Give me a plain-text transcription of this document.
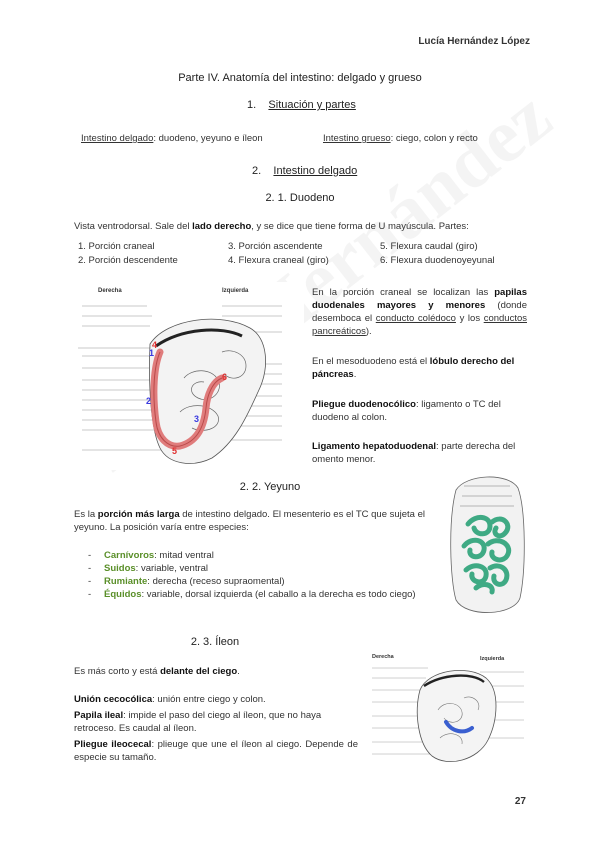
Lucía Hernández López
Parte IV. Anatomía del intestino: delgado y grueso
1. Situación y partes
Intestino delgado: duodeno, yeyuno e íleon	Intestino grueso: ciego, colon y recto
2. Intestino delgado
2. 1. Duodeno
Vista ventrodorsal. Sale del lado derecho, y se dice que tiene forma de U mayúscula. Partes:
1. Porción craneal
2. Porción descendente
3. Porción ascendente
4. Flexura craneal (giro)
5. Flexura caudal (giro)
6. Flexura duodenoyeyunal
Derecha	Izquierda
1
2
3
4
5
6
En la porción craneal se localizan las papilas duodenales mayores y menores (donde desemboca el conducto colédoco y los conductos pancreáticos).
En el mesoduodeno está el lóbulo derecho del páncreas.
Pliegue duodenocólico: ligamento o TC del duodeno al colon.
Ligamento hepatoduodenal: parte derecha del omento menor.
2. 2. Yeyuno
Es la porción más larga de intestino delgado. El mesenterio es el TC que sujeta el yeyuno. La posición varía entre especies:
- Carnívoros: mitad ventral
- Suidos: variable, ventral
- Rumiante: derecha (receso supraomental)
- Équidos: variable, dorsal izquierda (el caballo a la derecha es todo ciego)
2. 3. Íleon
Es más corto y está delante del ciego.
Unión cecocólica: unión entre ciego y colon.
Papila ileal: impide el paso del ciego al íleon, que no haya retroceso. Es caudal al íleon.
Pliegue ileocecal: plieuge que une el íleon al ciego. Depende de especie su tamaño.
Derecha	Izquierda
27
